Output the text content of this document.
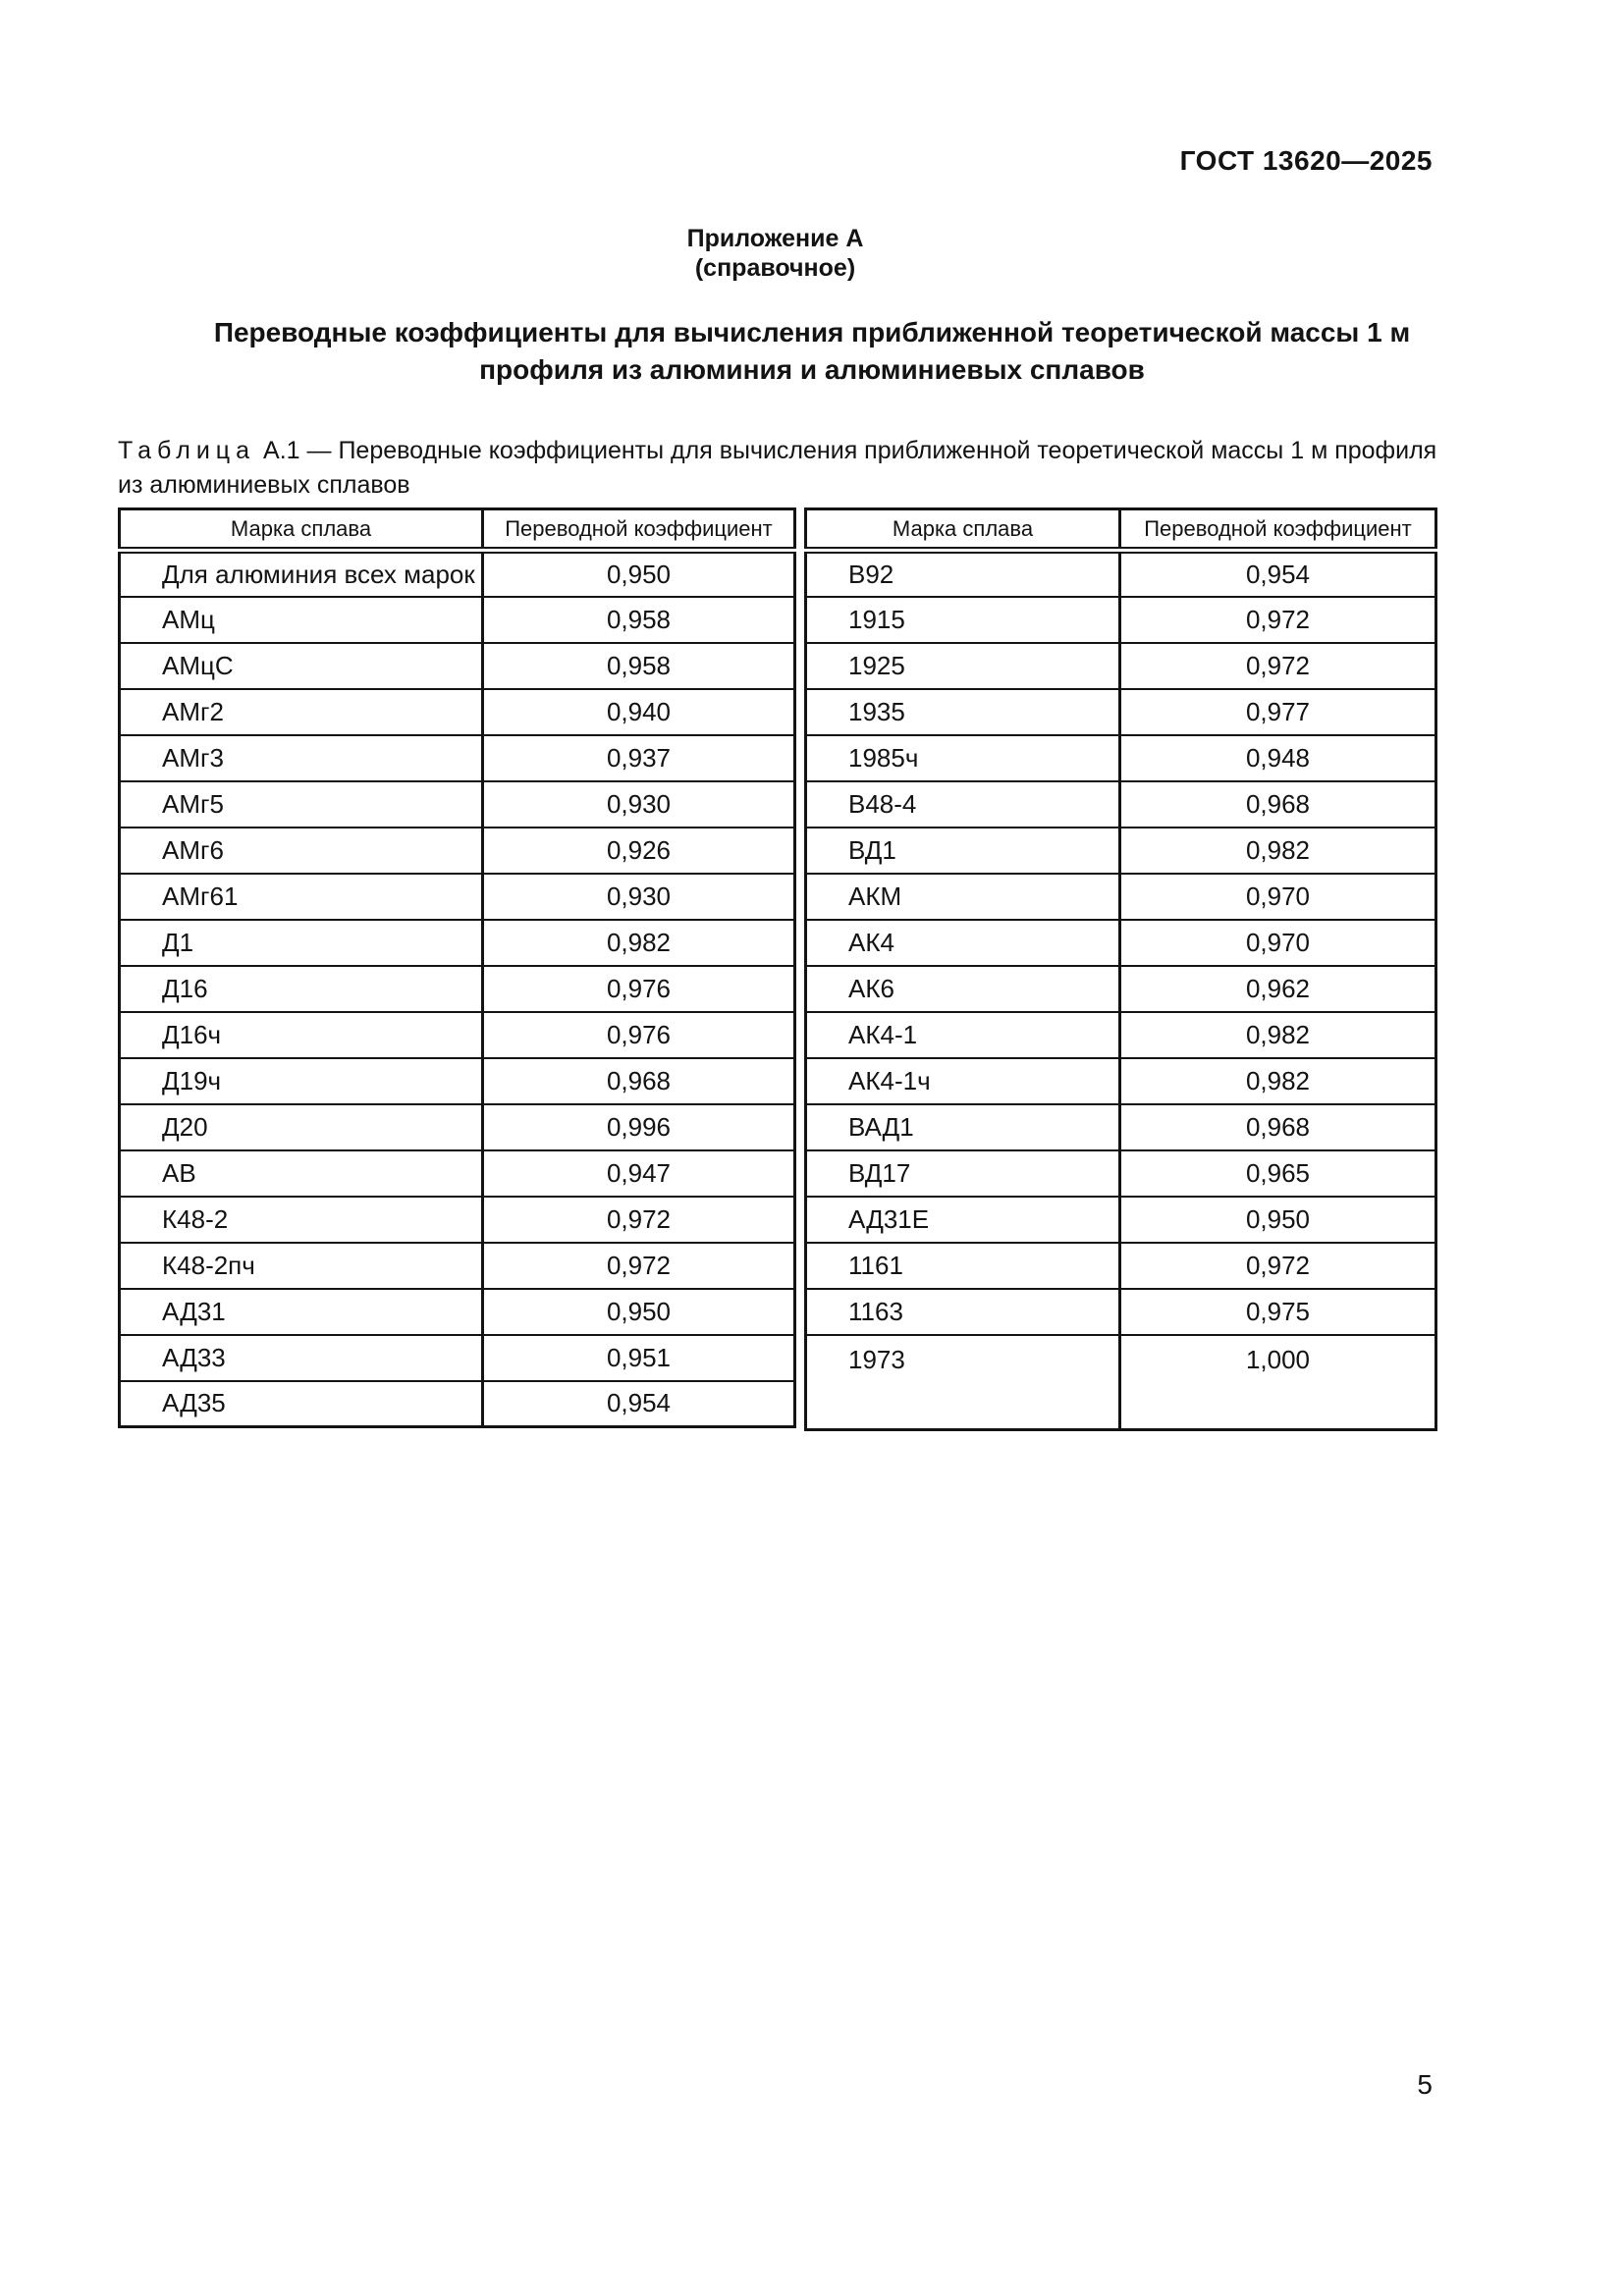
ГОСТ 13620—2025
Приложение А
(справочное)
Переводные коэффициенты для вычисления приближенной теоретической массы 1 м профиля из алюминия и алюминиевых сплавов
Таблица А.1 — Переводные коэффициенты для вычисления приближенной теоретической массы 1 м профиля из алюминиевых сплавов
Марка сплава	Переводной коэффициент
Для алюминия всех марок	0,950
АМц	0,958
АМцС	0,958
АМг2	0,940
АМг3	0,937
АМг5	0,930
АМг6	0,926
АМг61	0,930
Д1	0,982
Д16	0,976
Д16ч	0,976
Д19ч	0,968
Д20	0,996
АВ	0,947
К48-2	0,972
К48-2пч	0,972
АД31	0,950
АД33	0,951
АД35	0,954
Марка сплава	Переводной коэффициент
В92	0,954
1915	0,972
1925	0,972
1935	0,977
1985ч	0,948
В48-4	0,968
ВД1	0,982
АКМ	0,970
АК4	0,970
АК6	0,962
АК4-1	0,982
АК4-1ч	0,982
ВАД1	0,968
ВД17	0,965
АД31Е	0,950
1161	0,972
1163	0,975
1973	1,000
5
